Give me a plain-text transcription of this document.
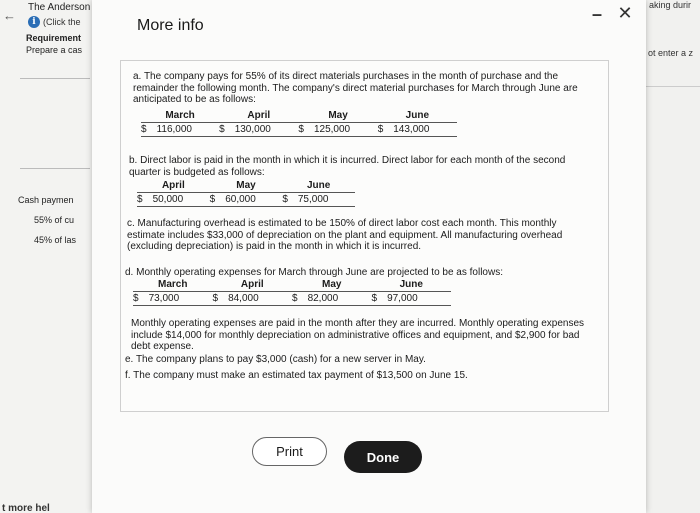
←
The Anderson
i (Click the
Requirement
Prepare a cas
Cash paymen
55% of cu
45% of las
t more hel
aking durir
ot enter a z
More info
– ✕
a. The company pays for 55% of its direct materials purchases in the month of purchase and the remainder the following month. The company's direct material purchases for March through June are anticipated to be as follows:
March	April	May	June
$ 116,000	$ 130,000	$ 125,000	$ 143,000
b. Direct labor is paid in the month in which it is incurred. Direct labor for each month of the second quarter is budgeted as follows:
April	May	June
$ 50,000	$ 60,000	$ 75,000
c. Manufacturing overhead is estimated to be 150% of direct labor cost each month. This monthly estimate includes $33,000 of depreciation on the plant and equipment. All manufacturing overhead (excluding depreciation) is paid in the month in which it is incurred.
d. Monthly operating expenses for March through June are projected to be as follows:
March	April	May	June
$ 73,000	$ 84,000	$ 82,000	$ 97,000
Monthly operating expenses are paid in the month after they are incurred. Monthly operating expenses include $14,000 for monthly depreciation on administrative offices and equipment, and $2,900 for bad debt expense.
e. The company plans to pay $3,000 (cash) for a new server in May.
f. The company must make an estimated tax payment of $13,500 on June 15.
Print	Done
